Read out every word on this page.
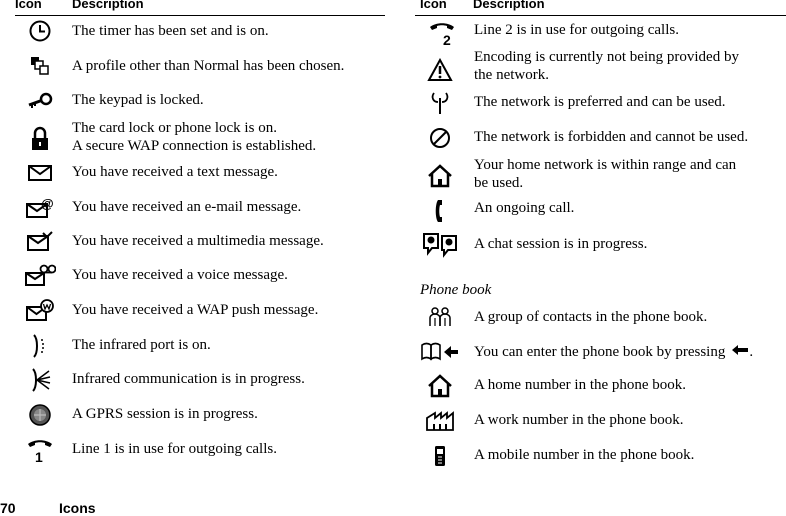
Icon Description
The timer has been set and is on.
A profile other than Normal has been chosen.
The keypad is locked.
The card lock or phone lock is on.
A secure WAP connection is established.
You have received a text message.
@ You have received an e-mail message.
You have received a multimedia message.
You have received a voice message.
You have received a WAP push message.
The infrared port is on.
Infrared communication is in progress.
A GPRS session is in progress.
1 Line 1 is in use for outgoing calls.
Icon Description
2
Line 2 is in use for outgoing calls.
Encoding is currently not being provided by
the network.
The network is preferred and can be used.
The network is forbidden and cannot be used.
Your home network is within range and can
be used.
An ongoing call.
A chat session is in progress.
Phone book
A group of contacts in the phone book.
You can enter the phone book by pressing .
A home number in the phone book.
A work number in the phone book.
A mobile number in the phone book.
70	Icons
